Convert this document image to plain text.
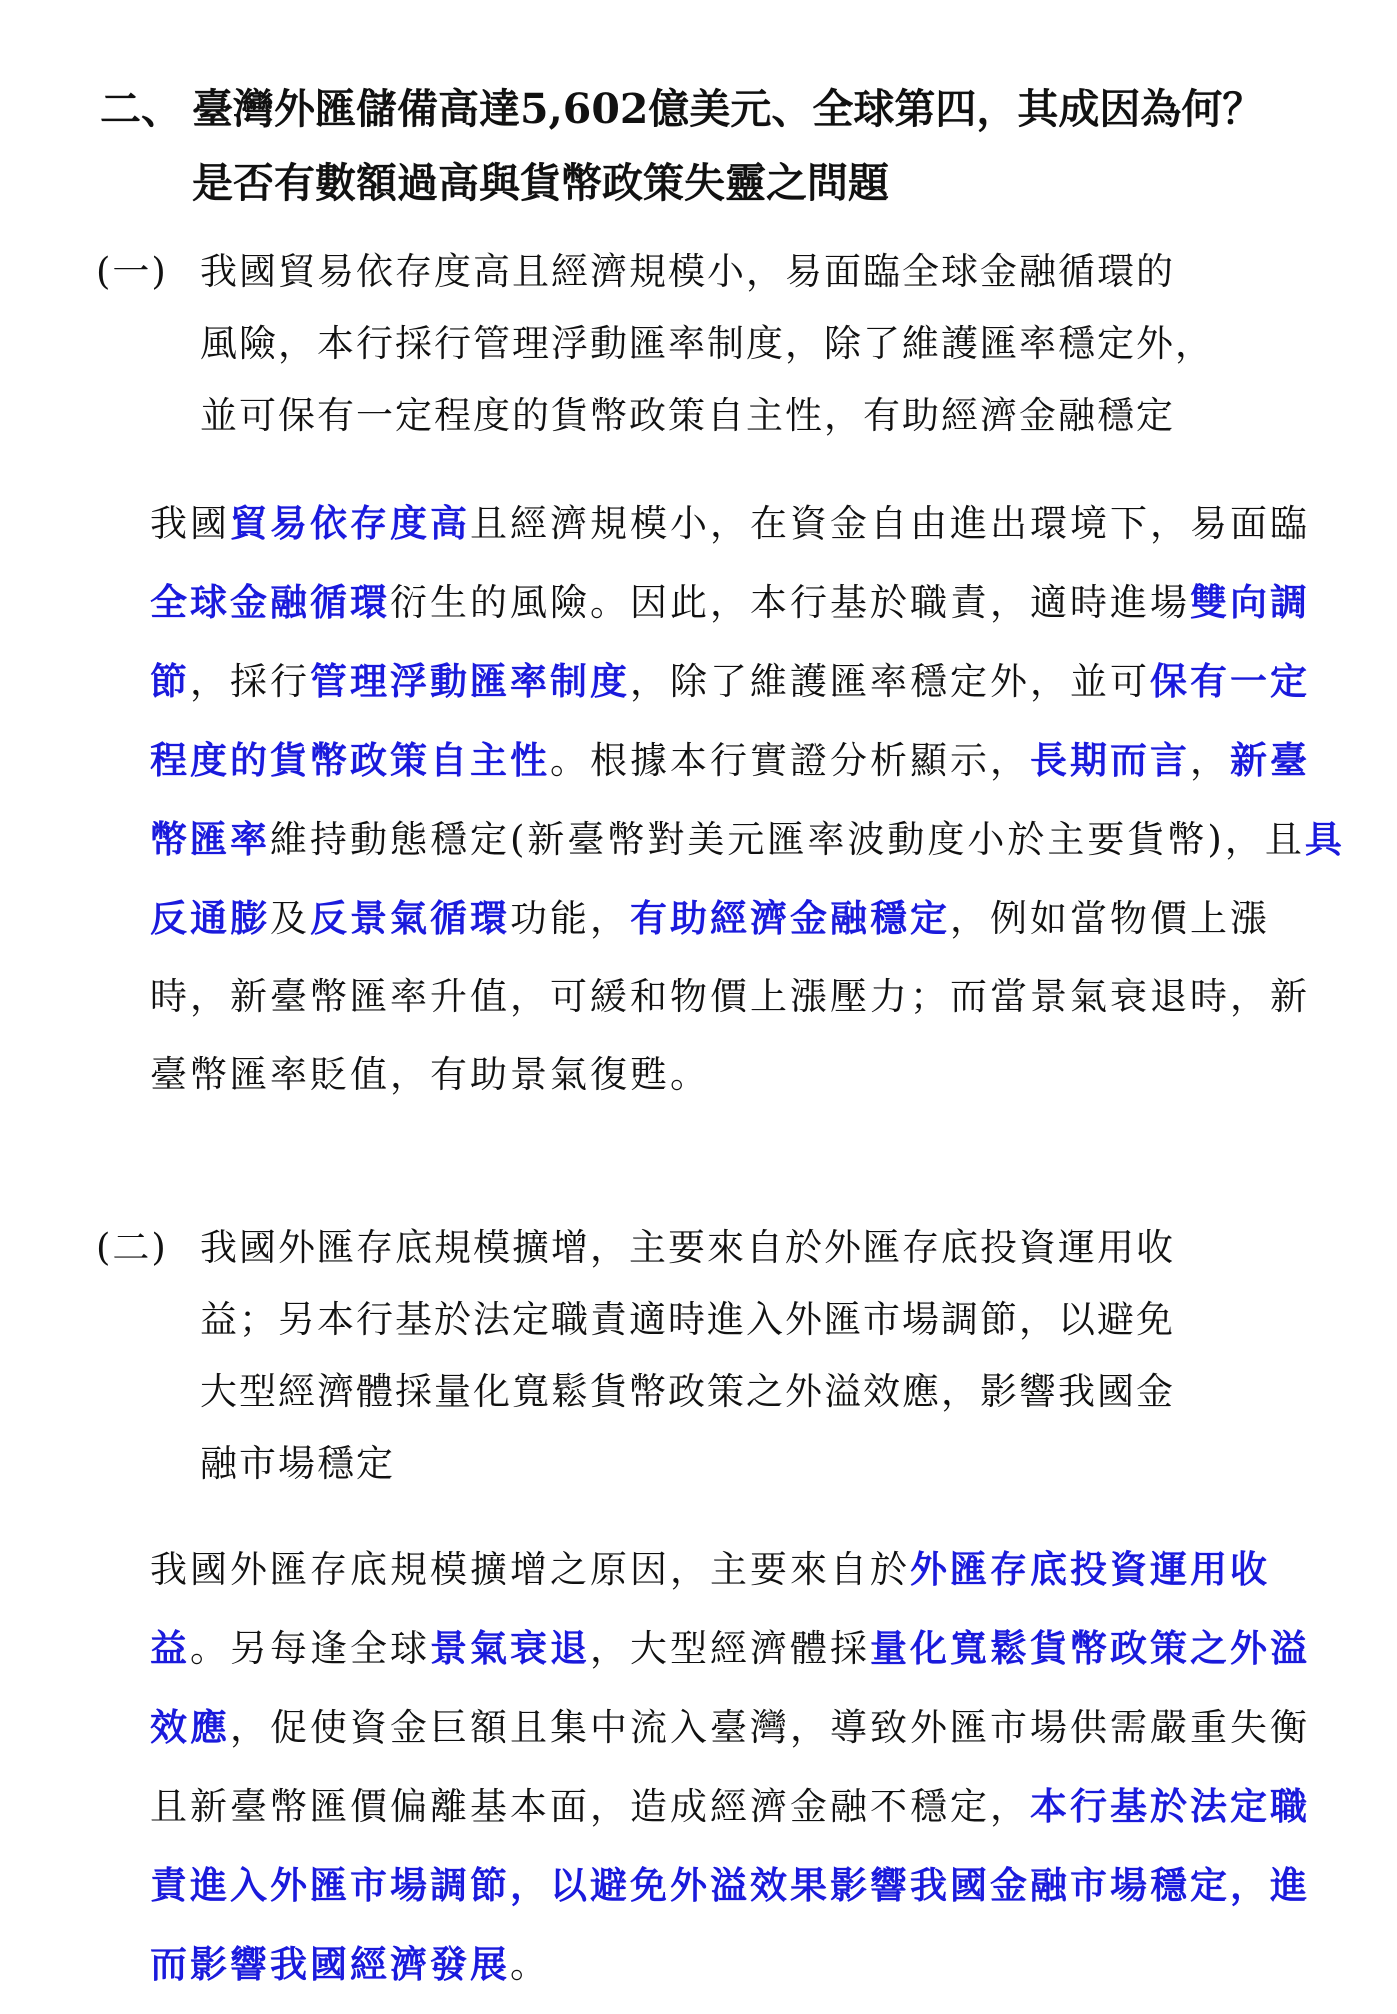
二、 臺灣外匯儲備高達5,602億美元、全球第四，其成因為何？
是否有數額過高與貨幣政策失靈之問題
(一) 我國貿易依存度高且經濟規模小，易面臨全球金融循環的
風險，本行採行管理浮動匯率制度，除了維護匯率穩定外，
並可保有一定程度的貨幣政策自主性，有助經濟金融穩定
我國貿易依存度高且經濟規模小，在資金自由進出環境下，易面臨全球金融循環衍生的風險。因此，本行基於職責，適時進場雙向調節，採行管理浮動匯率制度，除了維護匯率穩定外，並可保有一定程度的貨幣政策自主性。根據本行實證分析顯示，長期而言，新臺幣匯率維持動態穩定(新臺幣對美元匯率波動度小於主要貨幣)，且具反通膨及反景氣循環功能，有助經濟金融穩定，例如當物價上漲時，新臺幣匯率升值，可緩和物價上漲壓力；而當景氣衰退時，新臺幣匯率貶值，有助景氣復甦。
(二) 我國外匯存底規模擴增，主要來自於外匯存底投資運用收
益；另本行基於法定職責適時進入外匯市場調節，以避免
大型經濟體採量化寬鬆貨幣政策之外溢效應，影響我國金
融市場穩定
我國外匯存底規模擴增之原因，主要來自於外匯存底投資運用收益。另每逢全球景氣衰退，大型經濟體採量化寬鬆貨幣政策之外溢效應，促使資金巨額且集中流入臺灣，導致外匯市場供需嚴重失衡且新臺幣匯價偏離基本面，造成經濟金融不穩定，本行基於法定職責進入外匯市場調節，以避免外溢效果影響我國金融市場穩定，進而影響我國經濟發展。
